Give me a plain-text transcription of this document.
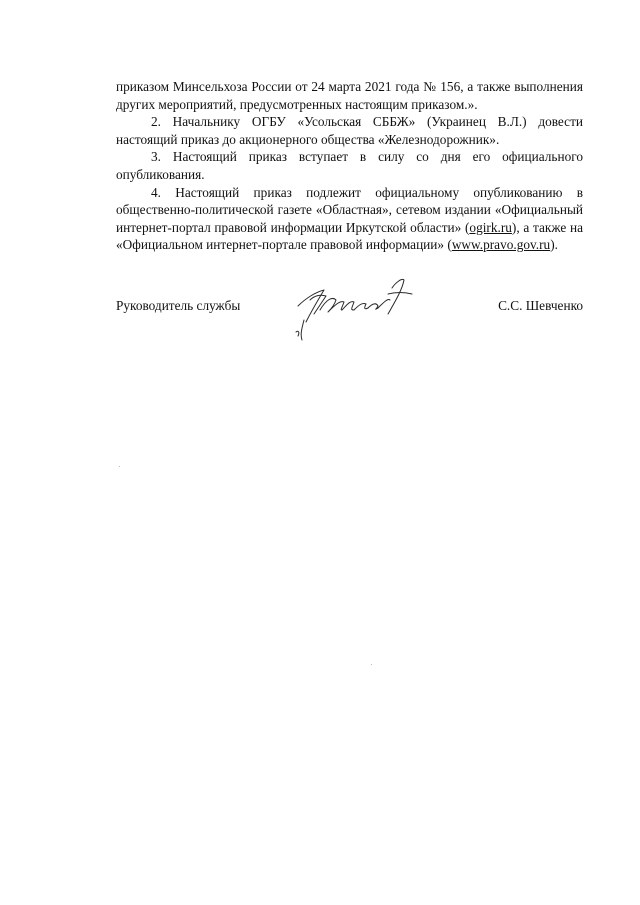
приказом Минсельхоза России от 24 марта 2021 года № 156, а также выполнения других мероприятий, предусмотренных настоящим приказом.».

2. Начальнику ОГБУ «Усольская СББЖ» (Украинец В.Л.) довести настоящий приказ до акционерного общества «Железнодорожник».

3. Настоящий приказ вступает в силу со дня его официального опубликования.

4. Настоящий приказ подлежит официальному опубликованию в общественно-политической газете «Областная», сетевом издании «Официальный интернет-портал правовой информации Иркутской области» (ogirk.ru), а также на «Официальном интернет-портале правовой информации» (www.pravo.gov.ru).

Руководитель службы	С.С. Шевченко
